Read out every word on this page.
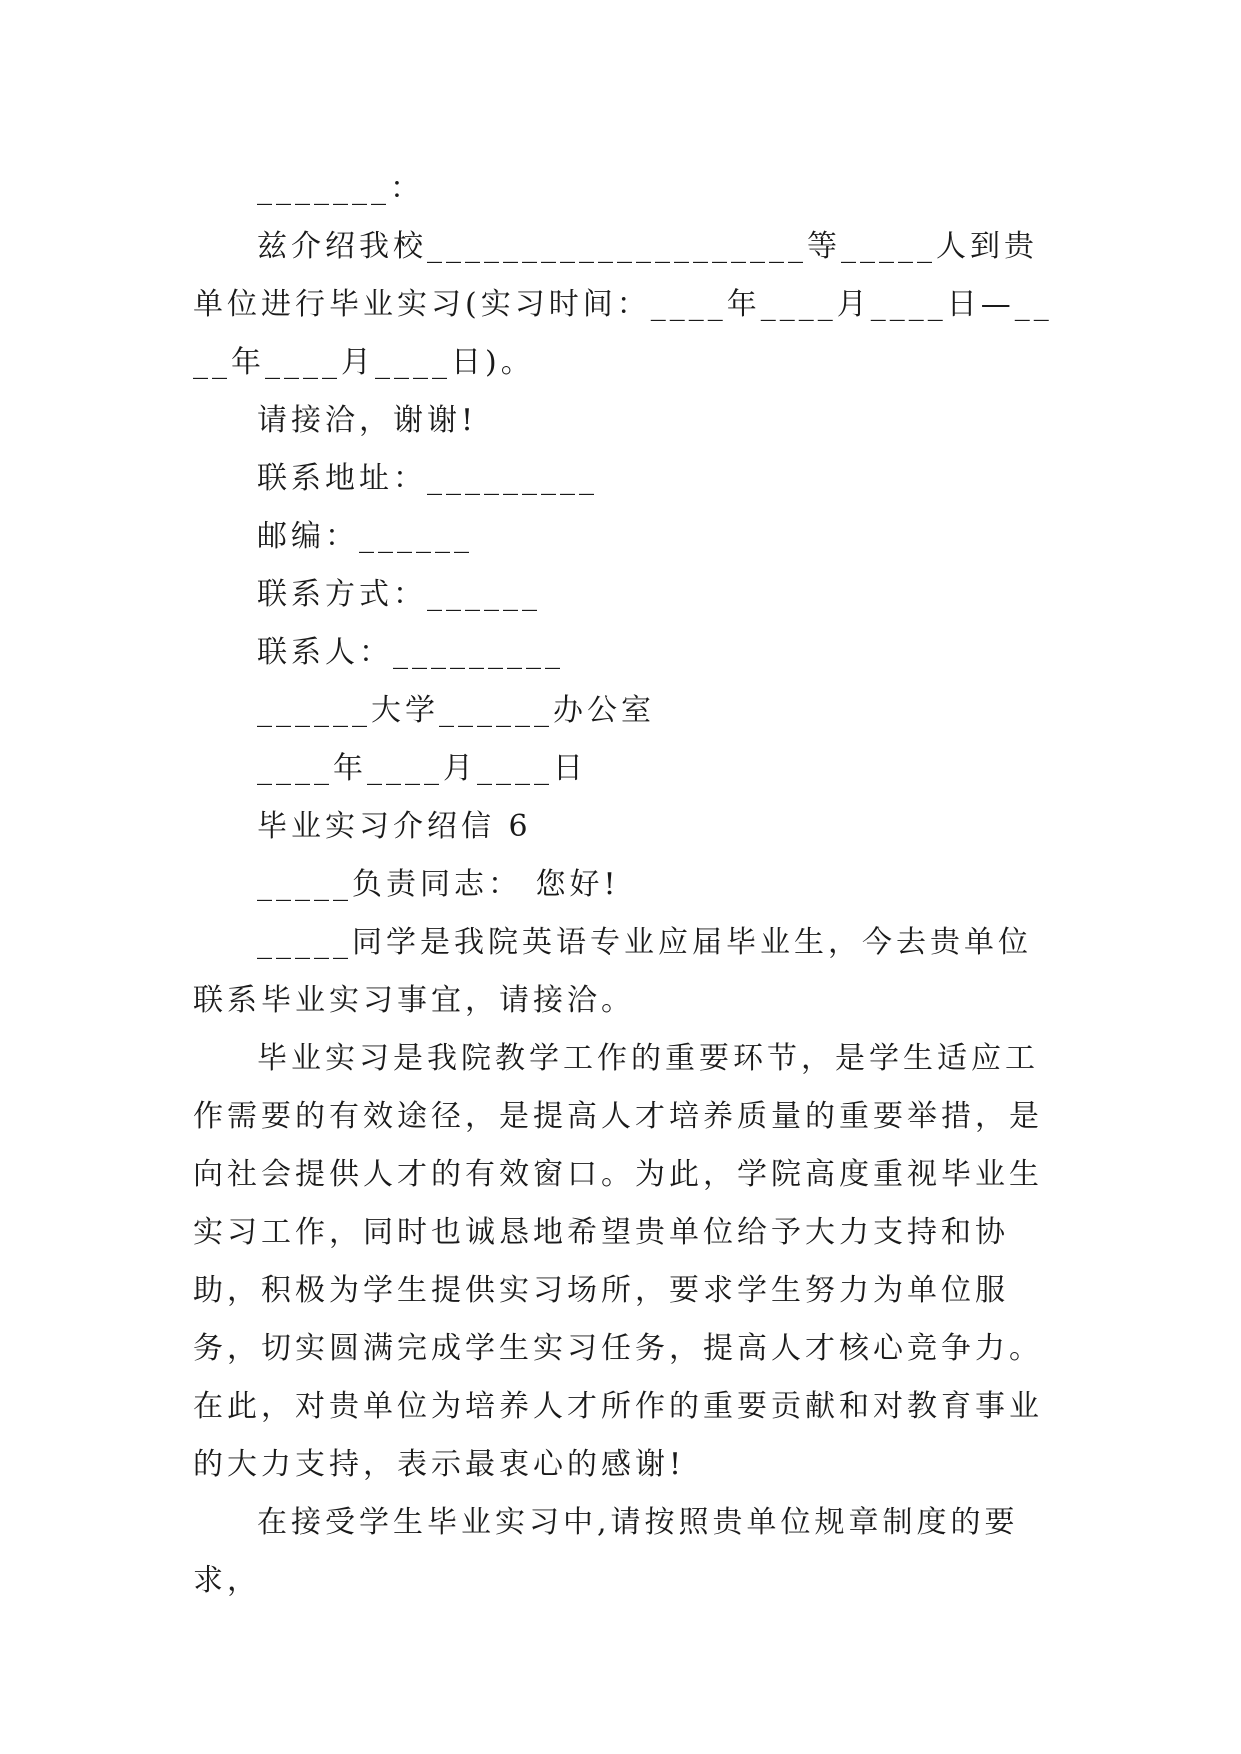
_______：

兹介绍我校____________________等_____人到贵单位进行毕业实习(实习时间：____年____月____日—____年____月____日)。

请接洽，谢谢!

联系地址：_________

邮编：______

联系方式：______

联系人：_________

______大学______办公室

____年____月____日

毕业实习介绍信 6

_____负责同志： 您好!

_____同学是我院英语专业应届毕业生，今去贵单位联系毕业实习事宜，请接洽。

毕业实习是我院教学工作的重要环节，是学生适应工作需要的有效途径，是提高人才培养质量的重要举措，是向社会提供人才的有效窗口。为此，学院高度重视毕业生实习工作，同时也诚恳地希望贵单位给予大力支持和协助，积极为学生提供实习场所，要求学生努力为单位服务，切实圆满完成学生实习任务，提高人才核心竞争力。在此，对贵单位为培养人才所作的重要贡献和对教育事业的大力支持，表示最衷心的感谢!

在接受学生毕业实习中,请按照贵单位规章制度的要求，
